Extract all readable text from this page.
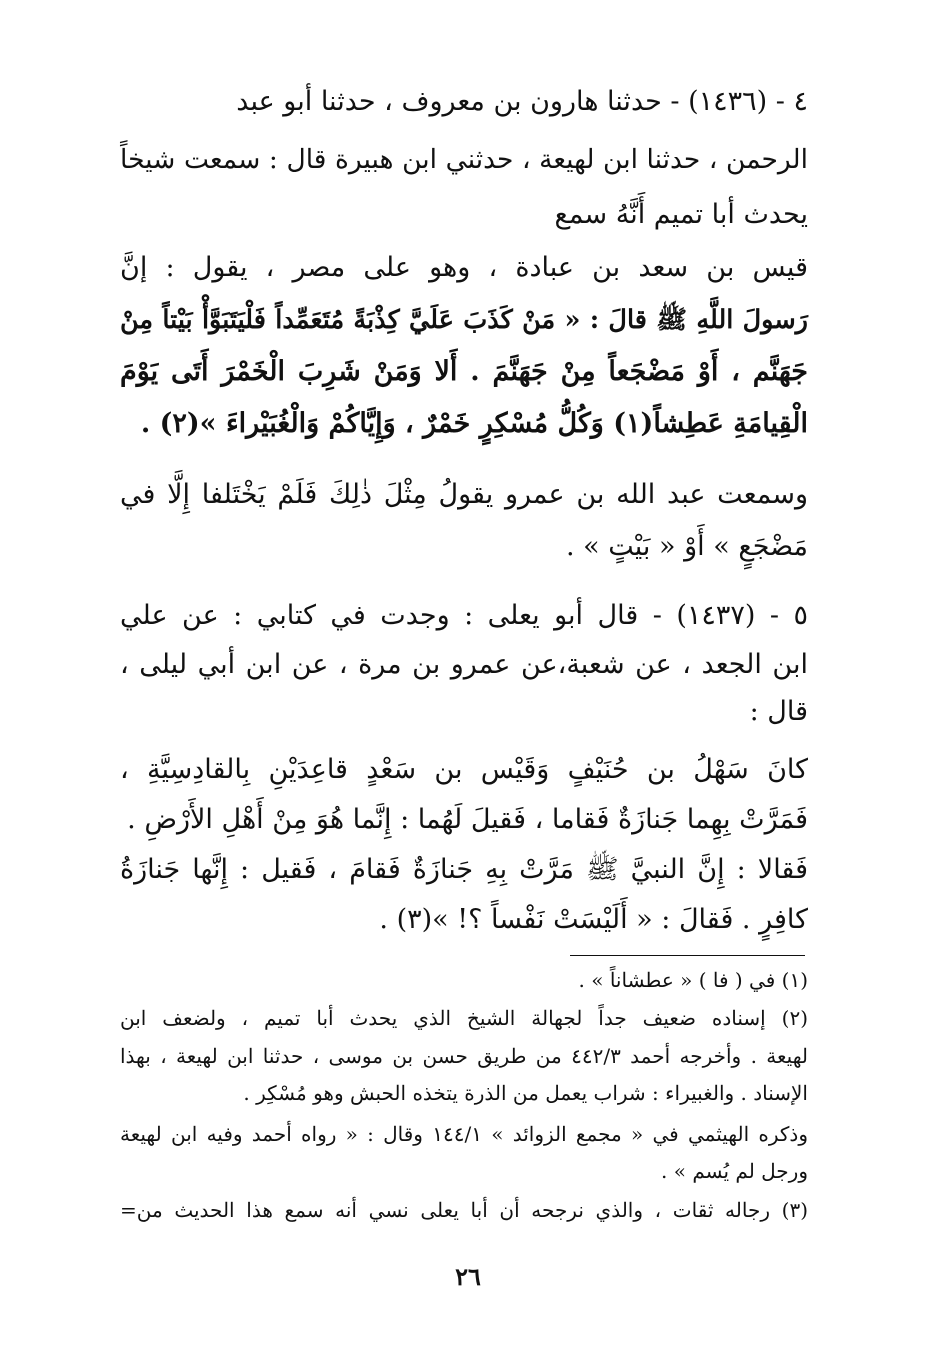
٤ - (١٤٣٦) - حدثنا هارون بن معروف ، حدثنا أبو عبد
الرحمن ، حدثنا ابن لهيعة ، حدثني ابن هبيرة قال : سمعت شيخاً
يحدث أبا تميم أَنَّهُ سمع
قيس بن سعد بن عبادة ، وهو على مصر ، يقول : إنَّ
رَسولَ اللَّهِ ﷺ قالَ : « مَنْ كَذَبَ عَلَيَّ كِذْبَةً مُتَعَمِّداً فَلْيَتَبَوَّأْ بَيْتاً مِنْ
جَهَنَّم ، أَوْ مَضْجَعاً مِنْ جَهَنَّمَ . أَلا وَمَنْ شَرِبَ الْخَمْرَ أَتَى يَوْمَ
الْقِيامَةِ عَطِشاً(١) وَكُلُّ مُسْكِرٍ خَمْرٌ ، وَإِيَّاكُمْ وَالْغُبَيْراءَ »(٢) .
وسمعت عبد الله بن عمرو يقولُ مِثْلَ ذٰلِكَ فَلَمْ يَخْتَلفا إِلَّا في
مَضْجَعٍ » أَوْ « بَيْتٍ » .
٥ - (١٤٣٧) - قال أبو يعلى : وجدت في كتابي : عن علي
ابن الجعد ، عن شعبة،عن عمرو بن مرة ، عن ابن أبي ليلى ،
قال :
كانَ سَهْلُ بن حُنَيْفٍ وَقَيْس بن سَعْدٍ قاعِدَيْنِ بِالقادِسِيَّةِ ،
فَمَرَّتْ بِهِما جَنازَةٌ فَقاما ، فَقيلَ لَهُما : إِنَّما هُوَ مِنْ أَهْلِ الأَرْضِ .
فَقالا : إِنَّ النبيَّ ﷺ مَرَّتْ بِهِ جَنازَةٌ فَقامَ ، فَقيل : إِنَّها جَنازَةُ
كافِرٍ . فَقالَ : « أَلَيْسَتْ نَفْساً ؟! »(٣) .
(١) في ( فا ) « عطشاناً » .
(٢) إسناده ضعيف جداً لجهالة الشيخ الذي يحدث أبا تميم ، ولضعف ابن
لهيعة . وأخرجه أحمد ٤٤٢/٣ من طريق حسن بن موسى ، حدثنا ابن لهيعة ، بهذا
الإسناد . والغبيراء : شراب يعمل من الذرة يتخذه الحبش وهو مُسْكِر .
وذكره الهيثمي في « مجمع الزوائد » ١٤٤/١ وقال : « رواه أحمد وفيه ابن لهيعة
ورجل لم يُسم » .
(٣) رجاله ثقات ، والذي نرجحه أن أبا يعلى نسي أنه سمع هذا الحديث من=
٢٦
